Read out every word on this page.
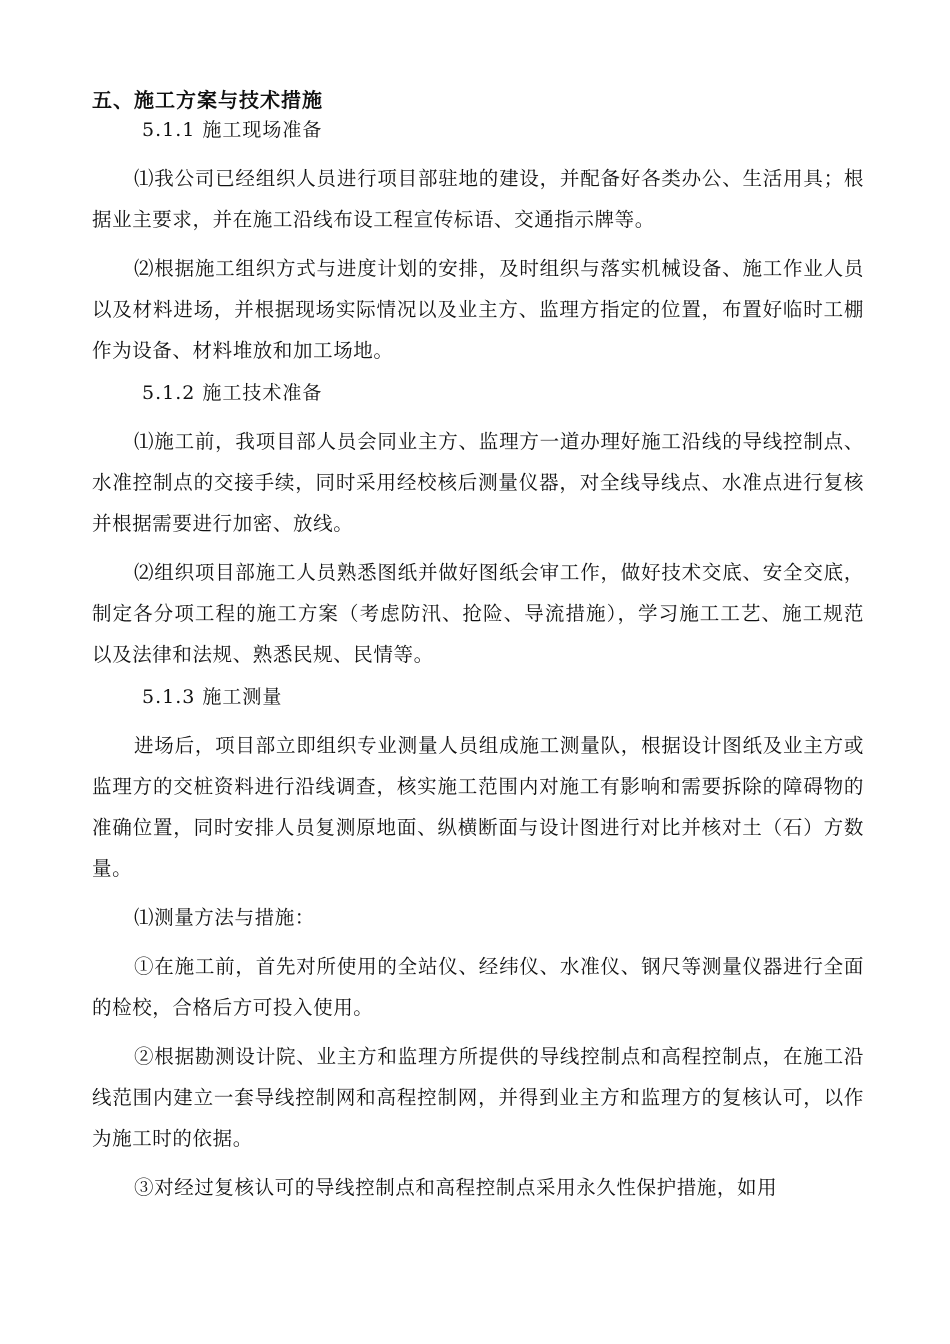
五、施工方案与技术措施
5.1.1 施工现场准备

⑴我公司已经组织人员进行项目部驻地的建设，并配备好各类办公、生活用具；根据业主要求，并在施工沿线布设工程宣传标语、交通指示牌等。

⑵根据施工组织方式与进度计划的安排，及时组织与落实机械设备、施工作业人员以及材料进场，并根据现场实际情况以及业主方、监理方指定的位置，布置好临时工棚作为设备、材料堆放和加工场地。

5.1.2 施工技术准备

⑴施工前，我项目部人员会同业主方、监理方一道办理好施工沿线的导线控制点、水准控制点的交接手续，同时采用经校核后测量仪器，对全线导线点、水准点进行复核并根据需要进行加密、放线。

⑵组织项目部施工人员熟悉图纸并做好图纸会审工作，做好技术交底、安全交底，制定各分项工程的施工方案（考虑防汛、抢险、导流措施），学习施工工艺、施工规范以及法律和法规、熟悉民规、民情等。

5.1.3 施工测量

进场后，项目部立即组织专业测量人员组成施工测量队，根据设计图纸及业主方或监理方的交桩资料进行沿线调查，核实施工范围内对施工有影响和需要拆除的障碍物的准确位置，同时安排人员复测原地面、纵横断面与设计图进行对比并核对土（石）方数量。

⑴测量方法与措施：

①在施工前，首先对所使用的全站仪、经纬仪、水准仪、钢尺等测量仪器进行全面的检校，合格后方可投入使用。

②根据勘测设计院、业主方和监理方所提供的导线控制点和高程控制点，在施工沿线范围内建立一套导线控制网和高程控制网，并得到业主方和监理方的复核认可，以作为施工时的依据。

③对经过复核认可的导线控制点和高程控制点采用永久性保护措施，如用
